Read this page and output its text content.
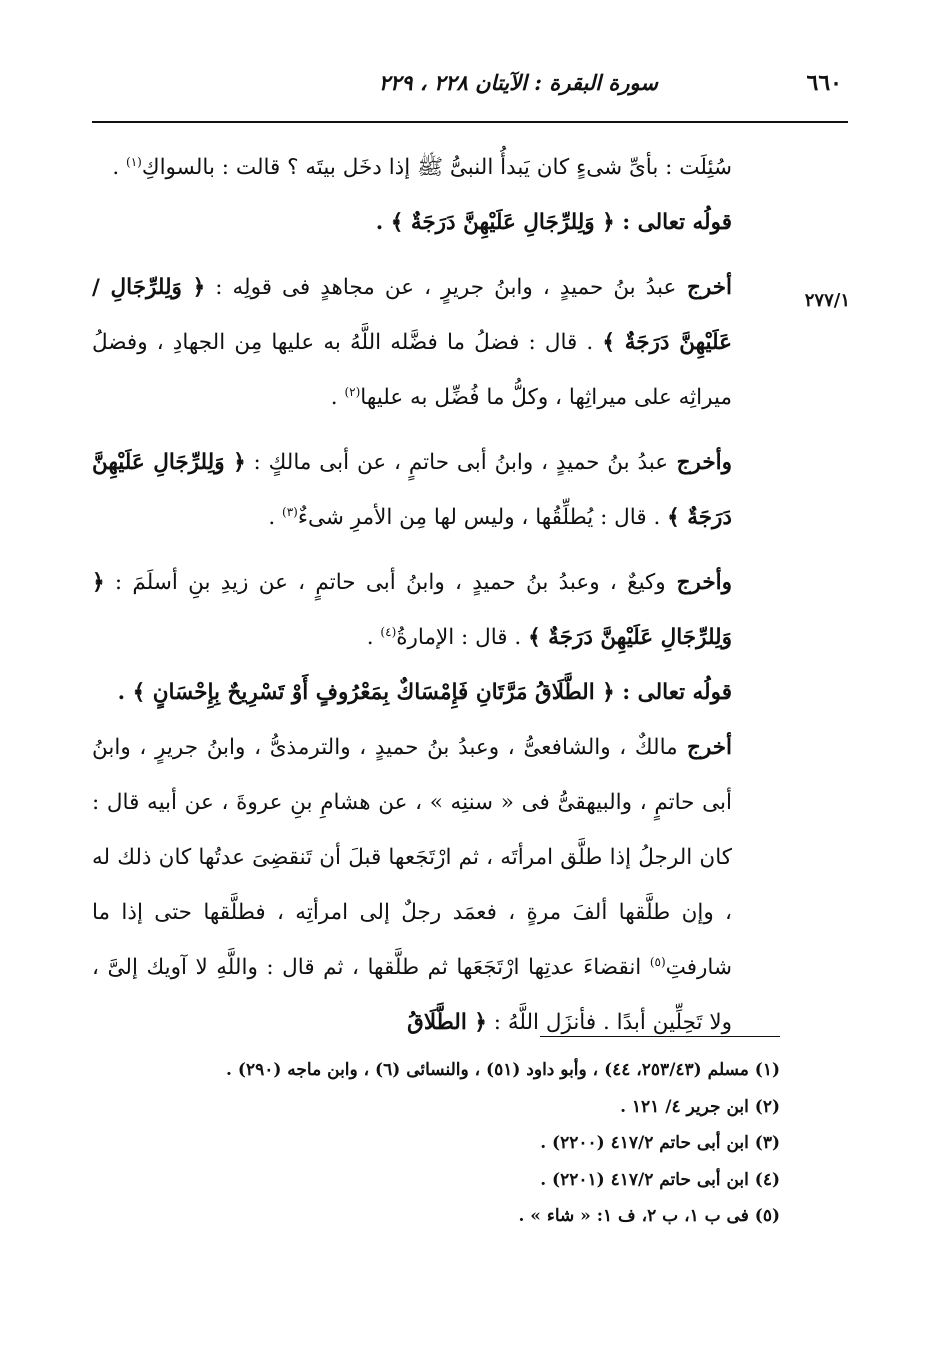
٦٦٠
سورة البقرة : الآيتان ٢٢٨ ، ٢٢٩
٢٧٧/١

سُئِلَت : بأىِّ شىءٍ كان يَبدأُ النبىُّ ﷺ إذا دخَل بيتَه ؟ قالت : بالسواكِ$^{(١)}$ .

قولُه تعالى : ﴿ وَلِلرِّجَالِ عَلَيْهِنَّ دَرَجَةٌ ﴾ .

أخرج عبدُ بنُ حميدٍ ، وابنُ جريرٍ ، عن مجاهدٍ فى قولِه : ﴿ وَلِلرِّجَالِ / عَلَيْهِنَّ دَرَجَةٌ ﴾ . قال : فضلُ ما فضَّله اللَّهُ به عليها مِن الجهادِ ، وفضلُ ميراثِه على ميراثِها ، وكلُّ ما فُضِّل به عليها$^{(٢)}$ .

وأخرج عبدُ بنُ حميدٍ ، وابنُ أبى حاتمٍ ، عن أبى مالكٍ : ﴿ وَلِلرِّجَالِ عَلَيْهِنَّ دَرَجَةٌ ﴾ . قال : يُطلِّقُها ، وليس لها مِن الأمرِ شىءٌ$^{(٣)}$ .

وأخرج وكيعٌ ، وعبدُ بنُ حميدٍ ، وابنُ أبى حاتمٍ ، عن زيدِ بنِ أسلَمَ : ﴿ وَلِلرِّجَالِ عَلَيْهِنَّ دَرَجَةٌ ﴾ . قال : الإمارةُ$^{(٤)}$ .

قولُه تعالى : ﴿ الطَّلَاقُ مَرَّتَانِ فَإِمْسَاكٌ بِمَعْرُوفٍ أَوْ تَسْرِيحٌ بِإِحْسَانٍ ﴾ .

أخرج مالكٌ ، والشافعىُّ ، وعبدُ بنُ حميدٍ ، والترمذىُّ ، وابنُ جريرٍ ، وابنُ أبى حاتمٍ ، والبيهقىُّ فى « سننِه » ، عن هشامِ بنِ عروةَ ، عن أبيه قال : كان الرجلُ إذا طلَّق امرأتَه ، ثم ارْتَجَعها قبلَ أن تَنقضِىَ عدتُها كان ذلك له ، وإن طلَّقها ألفَ مرةٍ ، فعمَد رجلٌ إلى امرأتِه ، فطلَّقها حتى إذا ما شارفتِ$^{(٥)}$ انقضاءَ عدتِها ارْتَجَعَها ثم طلَّقها ، ثم قال : واللَّهِ لا آويك إلىَّ ، ولا تَحِلِّين أبدًا . فأنزَل اللَّهُ : ﴿ الطَّلَاقُ

(١) مسلم (٢٥٣/٤٣، ٤٤) ، وأبو داود (٥١) ، والنسائى (٦) ، وابن ماجه (٢٩٠) .
(٢) ابن جرير ٤/ ١٢١ .
(٣) ابن أبى حاتم ٤١٧/٢ (٢٢٠٠) .
(٤) ابن أبى حاتم ٤١٧/٢ (٢٢٠١) .
(٥) فى ب ١، ب ٢، ف ١: « شاء » .
